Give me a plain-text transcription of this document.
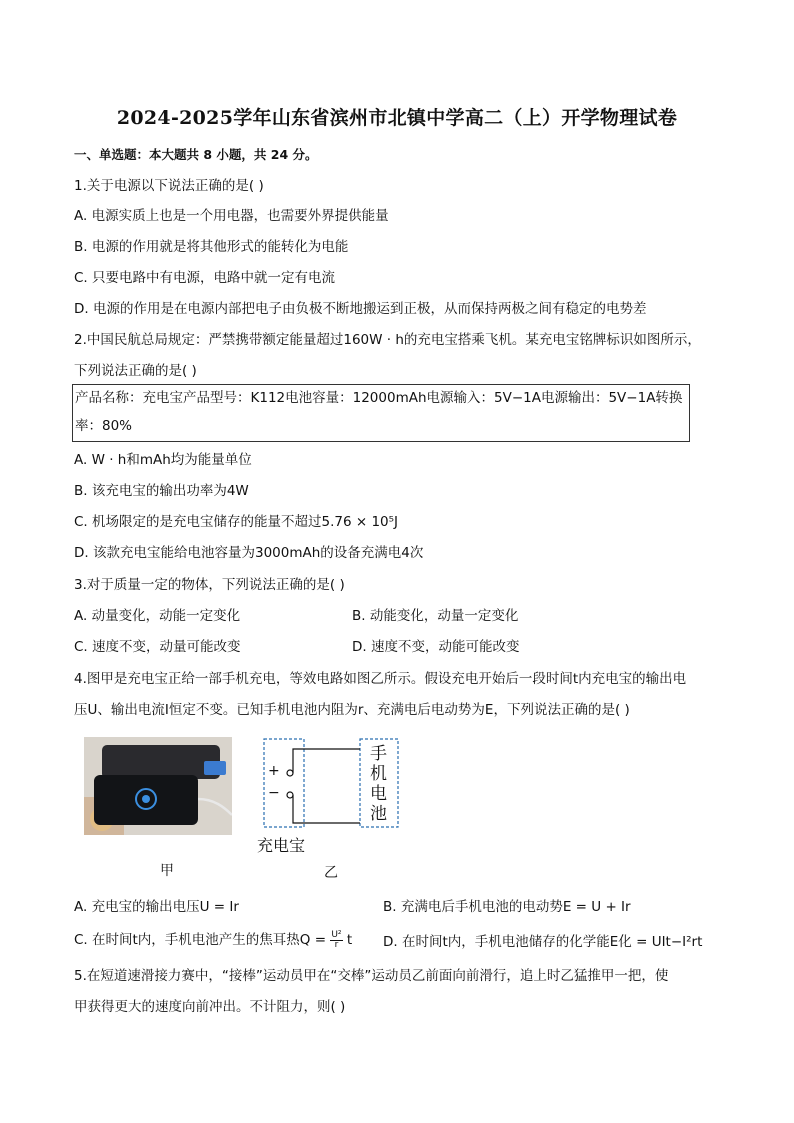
2024-2025学年山东省滨州市北镇中学高二（上）开学物理试卷
一、单选题：本大题共 8 小题，共 24 分。
1.关于电源以下说法正确的是( )
A. 电源实质上也是一个用电器，也需要外界提供能量
B. 电源的作用就是将其他形式的能转化为电能
C. 只要电路中有电源，电路中就一定有电流
D. 电源的作用是在电源内部把电子由负极不断地搬运到正极，从而保持两极之间有稳定的电势差
2.中国民航总局规定：严禁携带额定能量超过160W · h的充电宝搭乘飞机。某充电宝铭牌标识如图所示，
下列说法正确的是( )
产品名称：充电宝产品型号：K112电池容量：12000mAh电源输入：5V−1A电源输出：5V−1A转换
率：80%
A. W · h和mAh均为能量单位
B. 该充电宝的输出功率为4W
C. 机场限定的是充电宝储存的能量不超过5.76 × 10⁵J
D. 该款充电宝能给电池容量为3000mAh的设备充满电4次
3.对于质量一定的物体，下列说法正确的是( )
A. 动量变化，动能一定变化	B. 动能变化，动量一定变化
C. 速度不变，动量可能改变	D. 速度不变，动能可能改变
4.图甲是充电宝正给一部手机充电，等效电路如图乙所示。假设充电开始后一段时间t内充电宝的输出电
压U、输出电流I恒定不变。已知手机电池内阻为r、充满电后电动势为E，下列说法正确的是( )
+
−
手
机
电
池
充电宝
甲	乙
A. 充电宝的输出电压U = Ir	B. 充满电后手机电池的电动势E = U + Ir
C. 在时间t内，手机电池产生的焦耳热$Q = \frac{\text{U²}}{r}$ t D. 在时间t内，手机电池储存的化学能E化 = UIt−I²rt
5.在短道速滑接力赛中，“接棒”运动员甲在“交棒”运动员乙前面向前滑行，追上时乙猛推甲一把，使
甲获得更大的速度向前冲出。不计阻力，则( )
